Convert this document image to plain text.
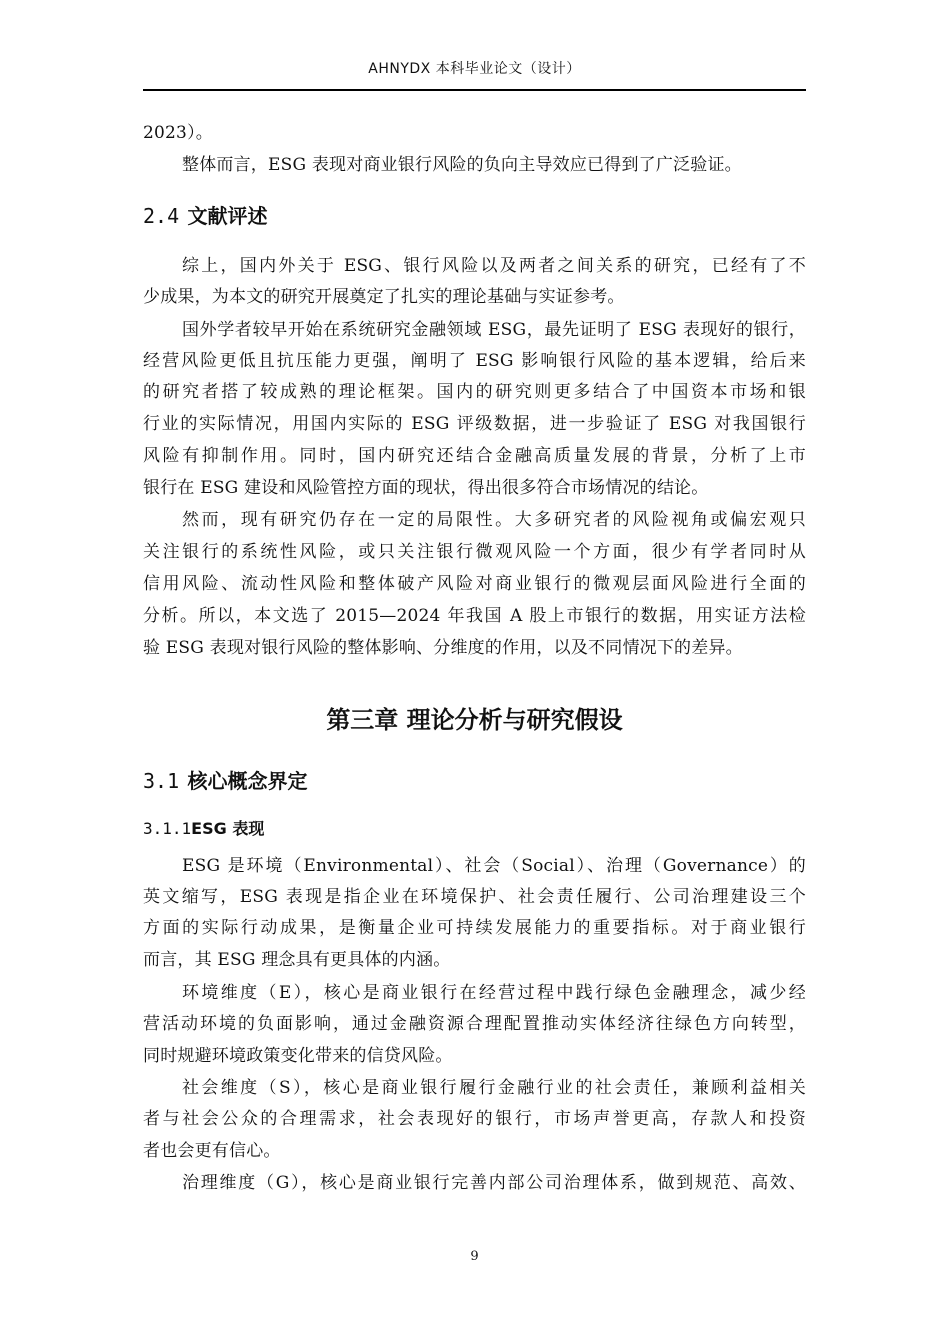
AHNYDX 本科毕业论文（设计）
2023）。
整体而言，ESG 表现对商业银行风险的负向主导效应已得到了广泛验证。
2.4 文献评述
综上，国内外关于 ESG、银行风险以及两者之间关系的研究，已经有了不
少成果，为本文的研究开展奠定了扎实的理论基础与实证参考。
国外学者较早开始在系统研究金融领域 ESG，最先证明了 ESG 表现好的银行，
经营风险更低且抗压能力更强，阐明了 ESG 影响银行风险的基本逻辑，给后来
的研究者搭了较成熟的理论框架。国内的研究则更多结合了中国资本市场和银
行业的实际情况，用国内实际的 ESG 评级数据，进一步验证了 ESG 对我国银行
风险有抑制作用。同时，国内研究还结合金融高质量发展的背景，分析了上市
银行在 ESG 建设和风险管控方面的现状，得出很多符合市场情况的结论。
然而，现有研究仍存在一定的局限性。大多研究者的风险视角或偏宏观只
关注银行的系统性风险，或只关注银行微观风险一个方面，很少有学者同时从
信用风险、流动性风险和整体破产风险对商业银行的微观层面风险进行全面的
分析。所以，本文选了 2015—2024 年我国 A 股上市银行的数据，用实证方法检
验 ESG 表现对银行风险的整体影响、分维度的作用，以及不同情况下的差异。
第三章 理论分析与研究假设
3.1 核心概念界定
3.1.1ESG 表现
ESG 是环境（Environmental）、社会（Social）、治理（Governance）的
英文缩写，ESG 表现是指企业在环境保护、社会责任履行、公司治理建设三个
方面的实际行动成果，是衡量企业可持续发展能力的重要指标。对于商业银行
而言，其 ESG 理念具有更具体的内涵。
环境维度（E），核心是商业银行在经营过程中践行绿色金融理念，减少经
营活动环境的负面影响，通过金融资源合理配置推动实体经济往绿色方向转型，
同时规避环境政策变化带来的信贷风险。
社会维度（S），核心是商业银行履行金融行业的社会责任，兼顾利益相关
者与社会公众的合理需求，社会表现好的银行，市场声誉更高，存款人和投资
者也会更有信心。
治理维度（G），核心是商业银行完善内部公司治理体系，做到规范、高效、
9
